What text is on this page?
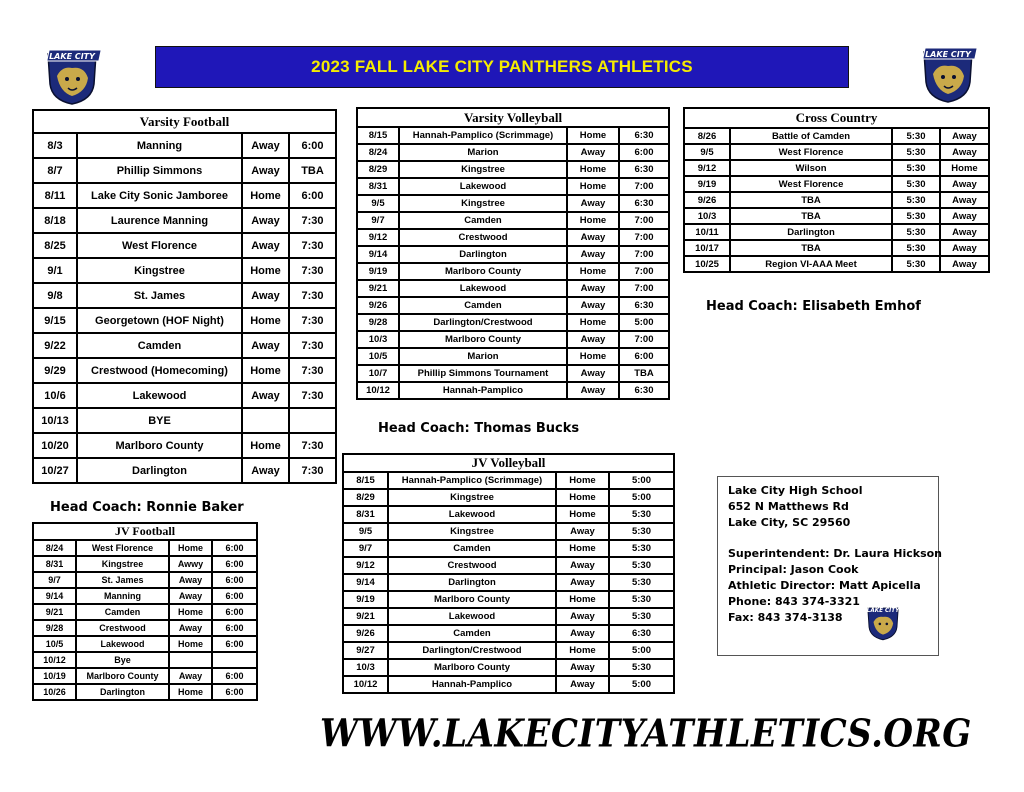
2023 FALL LAKE CITY PANTHERS ATHLETICS
LAKE CITY	LAKE CITY
Varsity Football			
8/3	Manning	Away	6:00
8/7	Phillip Simmons	Away	TBA
8/11	Lake City Sonic Jamboree	Home	6:00
8/18	Laurence Manning	Away	7:30
8/25	West Florence	Away	7:30
9/1	Kingstree	Home	7:30
9/8	St. James	Away	7:30
9/15	Georgetown (HOF Night)	Home	7:30
9/22	Camden	Away	7:30
9/29	Crestwood (Homecoming)	Home	7:30
10/6	Lakewood	Away	7:30
10/13	BYE		
10/20	Marlboro County	Home	7:30
10/27	Darlington	Away	7:30
Head Coach: Ronnie Baker
JV Football			
8/24	West Florence	Home	6:00
8/31	Kingstree	Awwy	6:00
9/7	St. James	Away	6:00
9/14	Manning	Away	6:00
9/21	Camden	Home	6:00
9/28	Crestwood	Away	6:00
10/5	Lakewood	Home	6:00
10/12	Bye		
10/19	Marlboro County	Away	6:00
10/26	Darlington	Home	6:00
Varsity Volleyball			
8/15	Hannah-Pamplico (Scrimmage)	Home	6:30
8/24	Marion	Away	6:00
8/29	Kingstree	Home	6:30
8/31	Lakewood	Home	7:00
9/5	Kingstree	Away	6:30
9/7	Camden	Home	7:00
9/12	Crestwood	Away	7:00
9/14	Darlington	Away	7:00
9/19	Marlboro County	Home	7:00
9/21	Lakewood	Away	7:00
9/26	Camden	Away	6:30
9/28	Darlington/Crestwood	Home	5:00
10/3	Marlboro County	Away	7:00
10/5	Marion	Home	6:00
10/7	Phillip Simmons Tournament	Away	TBA
10/12	Hannah-Pamplico	Away	6:30
Head Coach: Thomas Bucks
JV Volleyball			
8/15	Hannah-Pamplico (Scrimmage)	Home	5:00
8/29	Kingstree	Home	5:00
8/31	Lakewood	Home	5:30
9/5	Kingstree	Away	5:30
9/7	Camden	Home	5:30
9/12	Crestwood	Away	5:30
9/14	Darlington	Away	5:30
9/19	Marlboro County	Home	5:30
9/21	Lakewood	Away	5:30
9/26	Camden	Away	6:30
9/27	Darlington/Crestwood	Home	5:00
10/3	Marlboro County	Away	5:30
10/12	Hannah-Pamplico	Away	5:00
Cross Country			
8/26	Battle of Camden	5:30	Away
9/5	West Florence	5:30	Away
9/12	Wilson	5:30	Home
9/19	West Florence	5:30	Away
9/26	TBA	5:30	Away
10/3	TBA	5:30	Away
10/11	Darlington	5:30	Away
10/17	TBA	5:30	Away
10/25	Region VI-AAA Meet	5:30	Away
Head Coach: Elisabeth Emhof
Lake City High School
652 N Matthews Rd
Lake City, SC 29560
Superintendent: Dr. Laura Hickson
Principal: Jason Cook
Athletic Director: Matt Apicella
Phone: 843 374-3321
Fax: 843 374-3138
LAKE CITY
WWW.LAKECITYATHLETICS.ORG
